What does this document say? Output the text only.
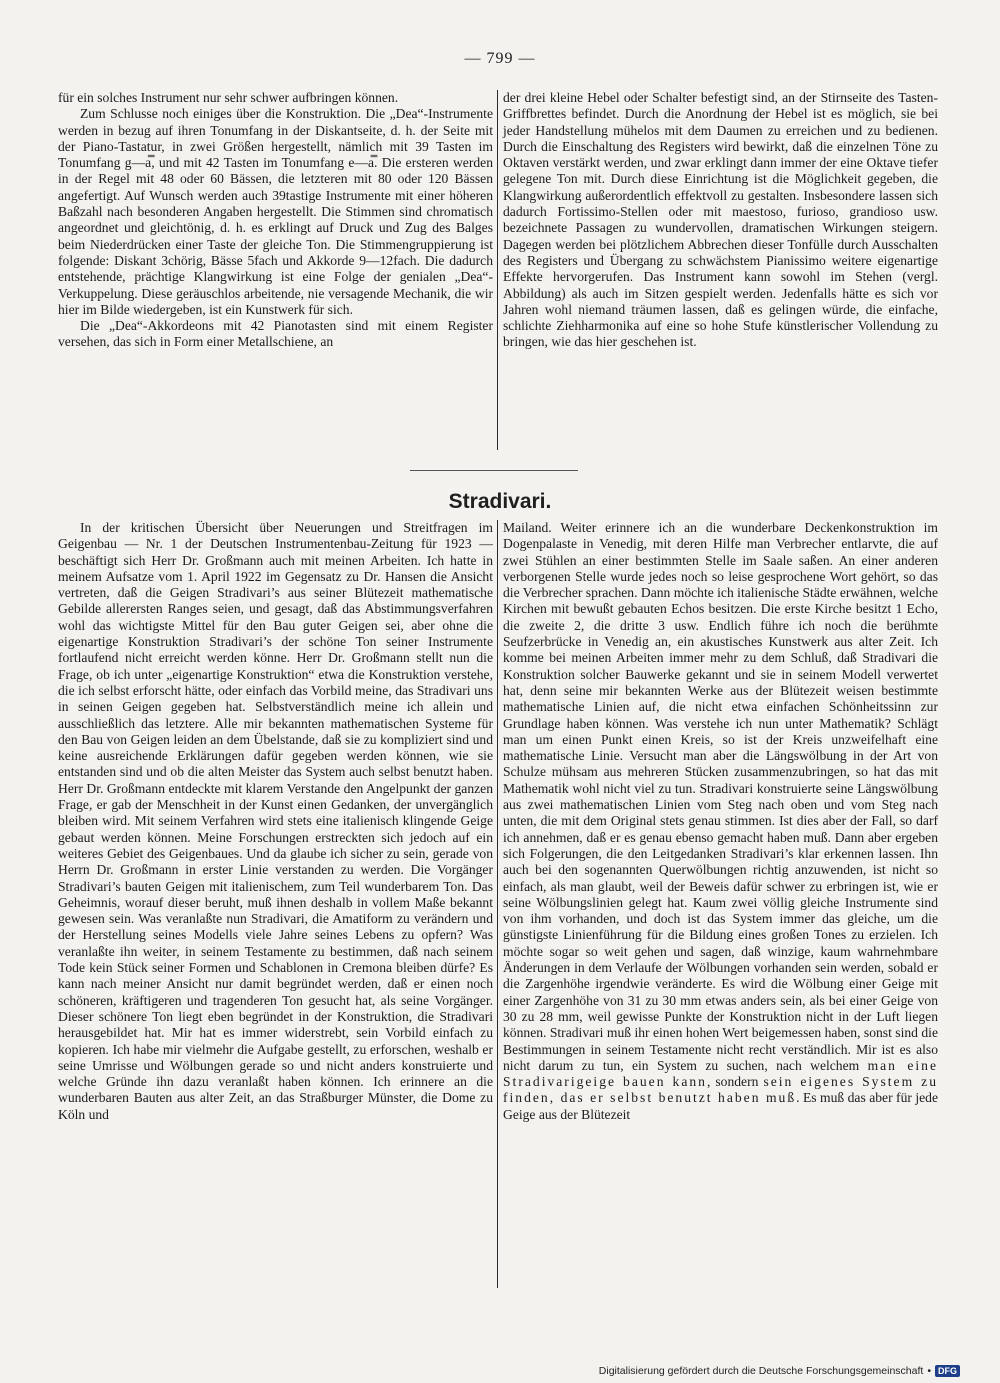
— 799 —

für ein solches Instrument nur sehr schwer aufbringen können.

Zum Schlusse noch einiges über die Konstruktion. Die „Dea“-Instrumente werden in bezug auf ihren Tonumfang in der Diskantseite, d. h. der Seite mit der Piano-Tastatur, in zwei Größen hergestellt, nämlich mit 39 Tasten im Tonumfang g—a̿, und mit 42 Tasten im Tonumfang e—a̿. Die ersteren werden in der Regel mit 48 oder 60 Bässen, die letzteren mit 80 oder 120 Bässen angefertigt. Auf Wunsch werden auch 39tastige Instrumente mit einer höheren Baßzahl nach besonderen Angaben hergestellt. Die Stimmen sind chromatisch angeordnet und gleichtönig, d. h. es erklingt auf Druck und Zug des Balges beim Niederdrücken einer Taste der gleiche Ton. Die Stimmengruppierung ist folgende: Diskant 3chörig, Bässe 5fach und Akkorde 9—12fach. Die dadurch entstehende, prächtige Klangwirkung ist eine Folge der genialen „Dea“-Verkuppelung. Diese geräuschlos arbeitende, nie versagende Mechanik, die wir hier im Bilde wiedergeben, ist ein Kunstwerk für sich.

Die „Dea“-Akkordeons mit 42 Pianotasten sind mit einem Register versehen, das sich in Form einer Metallschiene, an

der drei kleine Hebel oder Schalter befestigt sind, an der Stirnseite des Tasten-Griffbrettes befindet. Durch die Anordnung der Hebel ist es möglich, sie bei jeder Handstellung mühelos mit dem Daumen zu erreichen und zu bedienen. Durch die Einschaltung des Registers wird bewirkt, daß die einzelnen Töne zu Oktaven verstärkt werden, und zwar erklingt dann immer der eine Oktave tiefer gelegene Ton mit. Durch diese Einrichtung ist die Möglichkeit gegeben, die Klangwirkung außerordentlich effektvoll zu gestalten. Insbesondere lassen sich dadurch Fortissimo-Stellen oder mit maestoso, furioso, grandioso usw. bezeichnete Passagen zu wundervollen, dramatischen Wirkungen steigern. Dagegen werden bei plötzlichem Abbrechen dieser Tonfülle durch Ausschalten des Registers und Übergang zu schwächstem Pianissimo weitere eigenartige Effekte hervorgerufen. Das Instrument kann sowohl im Stehen (vergl. Abbildung) als auch im Sitzen gespielt werden. Jedenfalls hätte es sich vor Jahren wohl niemand träumen lassen, daß es gelingen würde, die einfache, schlichte Ziehharmonika auf eine so hohe Stufe künstlerischer Vollendung zu bringen, wie das hier geschehen ist.

Stradivari.

In der kritischen Übersicht über Neuerungen und Streitfragen im Geigenbau — Nr. 1 der Deutschen Instrumentenbau-Zeitung für 1923 — beschäftigt sich Herr Dr. Großmann auch mit meinen Arbeiten. Ich hatte in meinem Aufsatze vom 1. April 1922 im Gegensatz zu Dr. Hansen die Ansicht vertreten, daß die Geigen Stradivari’s aus seiner Blütezeit mathematische Gebilde allerersten Ranges seien, und gesagt, daß das Abstimmungsverfahren wohl das wichtigste Mittel für den Bau guter Geigen sei, aber ohne die eigenartige Konstruktion Stradivari’s der schöne Ton seiner Instrumente fortlaufend nicht erreicht werden könne. Herr Dr. Großmann stellt nun die Frage, ob ich unter „eigenartige Konstruktion“ etwa die Konstruktion verstehe, die ich selbst erforscht hätte, oder einfach das Vorbild meine, das Stradivari uns in seinen Geigen gegeben hat. Selbstverständlich meine ich allein und ausschließlich das letztere. Alle mir bekannten mathematischen Systeme für den Bau von Geigen leiden an dem Übelstande, daß sie zu kompliziert sind und keine ausreichende Erklärungen dafür gegeben werden können, wie sie entstanden sind und ob die alten Meister das System auch selbst benutzt haben. Herr Dr. Großmann entdeckte mit klarem Verstande den Angelpunkt der ganzen Frage, er gab der Menschheit in der Kunst einen Gedanken, der unvergänglich bleiben wird. Mit seinem Verfahren wird stets eine italienisch klingende Geige gebaut werden können. Meine Forschungen erstreckten sich jedoch auf ein weiteres Gebiet des Geigenbaues. Und da glaube ich sicher zu sein, gerade von Herrn Dr. Großmann in erster Linie verstanden zu werden. Die Vorgänger Stradivari’s bauten Geigen mit italienischem, zum Teil wunderbarem Ton. Das Geheimnis, worauf dieser beruht, muß ihnen deshalb in vollem Maße bekannt gewesen sein. Was veranlaßte nun Stradivari, die Amatiform zu verändern und der Herstellung seines Modells viele Jahre seines Lebens zu opfern? Was veranlaßte ihn weiter, in seinem Testamente zu bestimmen, daß nach seinem Tode kein Stück seiner Formen und Schablonen in Cremona bleiben dürfe? Es kann nach meiner Ansicht nur damit begründet werden, daß er einen noch schöneren, kräftigeren und tragenderen Ton gesucht hat, als seine Vorgänger. Dieser schönere Ton liegt eben begründet in der Konstruktion, die Stradivari herausgebildet hat. Mir hat es immer widerstrebt, sein Vorbild einfach zu kopieren. Ich habe mir vielmehr die Aufgabe gestellt, zu erforschen, weshalb er seine Umrisse und Wölbungen gerade so und nicht anders konstruierte und welche Gründe ihn dazu veranlaßt haben können. Ich erinnere an die wunderbaren Bauten aus alter Zeit, an das Straßburger Münster, die Dome zu Köln und

Mailand. Weiter erinnere ich an die wunderbare Deckenkonstruktion im Dogenpalaste in Venedig, mit deren Hilfe man Verbrecher entlarvte, die auf zwei Stühlen an einer bestimmten Stelle im Saale saßen. An einer anderen verborgenen Stelle wurde jedes noch so leise gesprochene Wort gehört, so das die Verbrecher sprachen. Dann möchte ich italienische Städte erwähnen, welche Kirchen mit bewußt gebauten Echos besitzen. Die erste Kirche besitzt 1 Echo, die zweite 2, die dritte 3 usw. Endlich führe ich noch die berühmte Seufzerbrücke in Venedig an, ein akustisches Kunstwerk aus alter Zeit. Ich komme bei meinen Arbeiten immer mehr zu dem Schluß, daß Stradivari die Konstruktion solcher Bauwerke gekannt und sie in seinem Modell verwertet hat, denn seine mir bekannten Werke aus der Blütezeit weisen bestimmte mathematische Linien auf, die nicht etwa einfachen Schönheitssinn zur Grundlage haben können. Was verstehe ich nun unter Mathematik? Schlägt man um einen Punkt einen Kreis, so ist der Kreis unzweifelhaft eine mathematische Linie. Versucht man aber die Längswölbung in der Art von Schulze mühsam aus mehreren Stücken zusammenzubringen, so hat das mit Mathematik wohl nicht viel zu tun. Stradivari konstruierte seine Längswölbung aus zwei mathematischen Linien vom Steg nach oben und vom Steg nach unten, die mit dem Original stets genau stimmen. Ist dies aber der Fall, so darf ich annehmen, daß er es genau ebenso gemacht haben muß. Dann aber ergeben sich Folgerungen, die den Leitgedanken Stradivari’s klar erkennen lassen. Ihn auch bei den sogenannten Querwölbungen richtig anzuwenden, ist nicht so einfach, als man glaubt, weil der Beweis dafür schwer zu erbringen ist, wie er seine Wölbungslinien gelegt hat. Kaum zwei völlig gleiche Instrumente sind von ihm vorhanden, und doch ist das System immer das gleiche, um die günstigste Linienführung für die Bildung eines großen Tones zu erzielen. Ich möchte sogar so weit gehen und sagen, daß winzige, kaum wahrnehmbare Änderungen in dem Verlaufe der Wölbungen vorhanden sein werden, sobald er die Zargenhöhe irgendwie veränderte. Es wird die Wölbung einer Geige mit einer Zargenhöhe von 31 zu 30 mm etwas anders sein, als bei einer Geige von 30 zu 28 mm, weil gewisse Punkte der Konstruktion nicht in der Luft liegen können. Stradivari muß ihr einen hohen Wert beigemessen haben, sonst sind die Bestimmungen in seinem Testamente nicht recht verständlich. Mir ist es also nicht darum zu tun, ein System zu suchen, nach welchem man eine Stradivarigeige bauen kann, sondern sein eigenes System zu finden, das er selbst benutzt haben muß. Es muß das aber für jede Geige aus der Blütezeit

Digitalisierung gefördert durch die Deutsche Forschungsgemeinschaft • DFG
